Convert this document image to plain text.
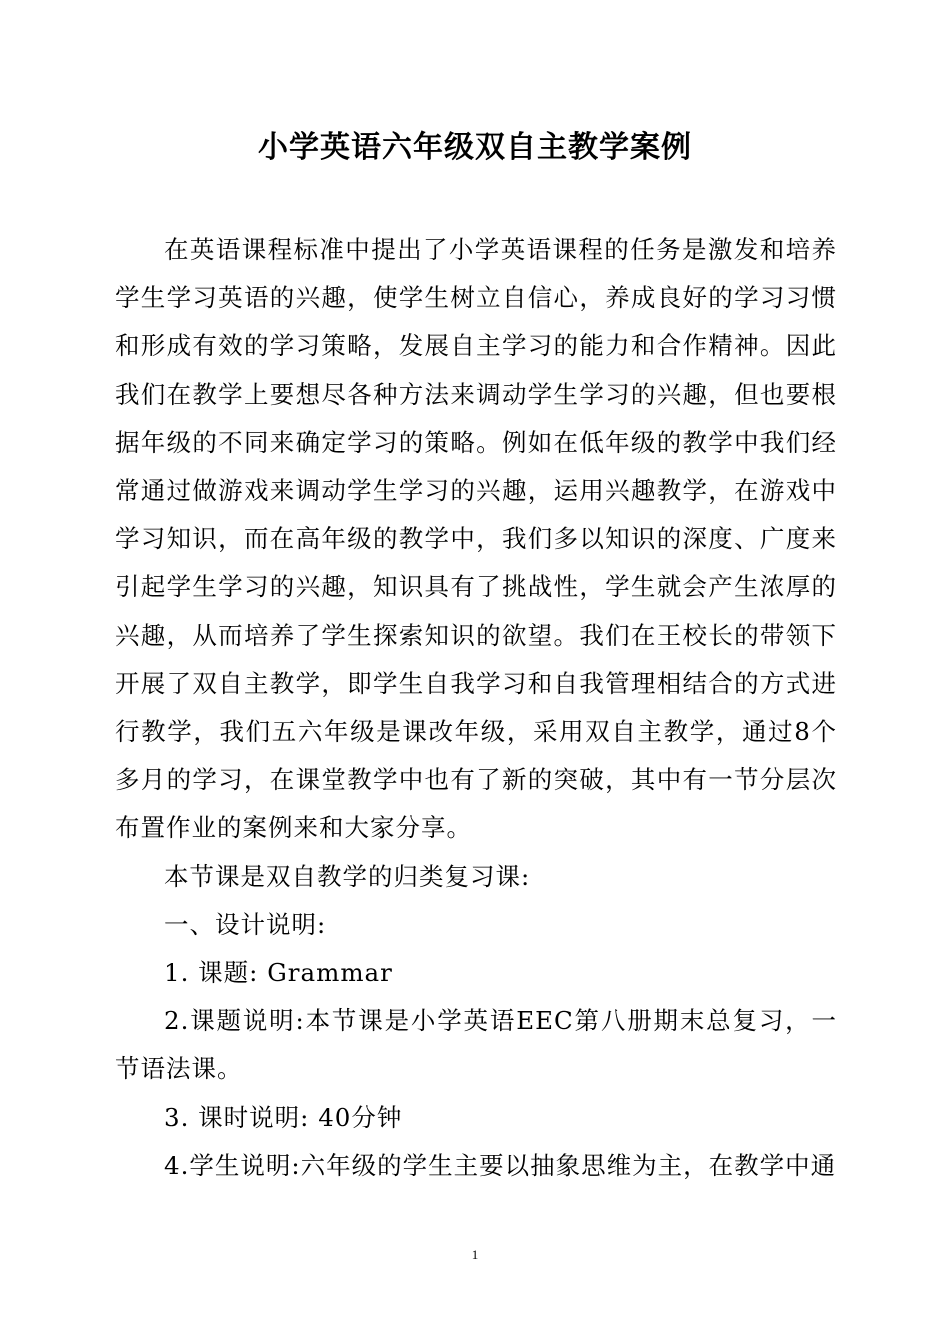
小学英语六年级双自主教学案例

在英语课程标准中提出了小学英语课程的任务是激发和培养学生学习英语的兴趣，使学生树立自信心，养成良好的学习习惯和形成有效的学习策略，发展自主学习的能力和合作精神。因此我们在教学上要想尽各种方法来调动学生学习的兴趣，但也要根据年级的不同来确定学习的策略。例如在低年级的教学中我们经常通过做游戏来调动学生学习的兴趣，运用兴趣教学，在游戏中学习知识，而在高年级的教学中，我们多以知识的深度、广度来引起学生学习的兴趣，知识具有了挑战性，学生就会产生浓厚的兴趣，从而培养了学生探索知识的欲望。我们在王校长的带领下开展了双自主教学，即学生自我学习和自我管理相结合的方式进行教学，我们五六年级是课改年级，采用双自主教学，通过8个多月的学习，在课堂教学中也有了新的突破，其中有一节分层次布置作业的案例来和大家分享。

本节课是双自教学的归类复习课:

一、设计说明:

1. 课题: Grammar

2.课题说明:本节课是小学英语EEC第八册期末总复习，一节语法课。

3. 课时说明: 40分钟

4.学生说明:六年级的学生主要以抽象思维为主，在教学中通

1
